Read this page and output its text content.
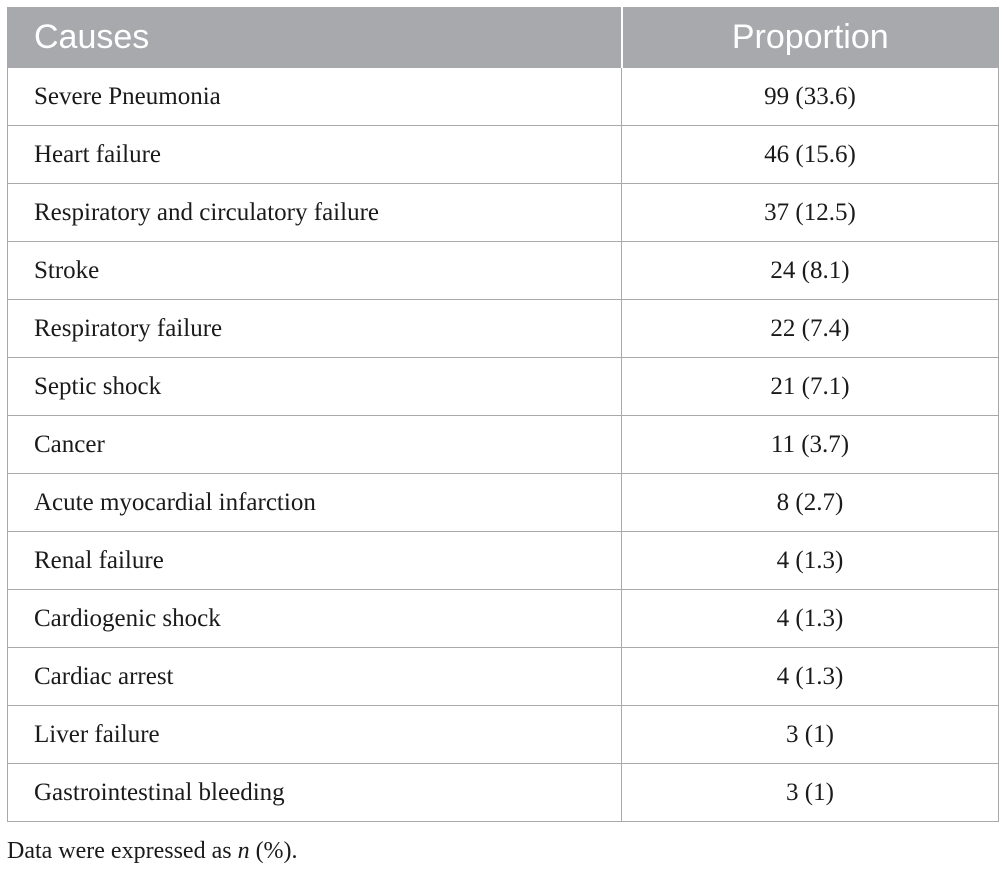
Causes	Proportion
Severe Pneumonia	99 (33.6)
Heart failure	46 (15.6)
Respiratory and circulatory failure	37 (12.5)
Stroke	24 (8.1)
Respiratory failure	22 (7.4)
Septic shock	21 (7.1)
Cancer	11 (3.7)
Acute myocardial infarction	8 (2.7)
Renal failure	4 (1.3)
Cardiogenic shock	4 (1.3)
Cardiac arrest	4 (1.3)
Liver failure	3 (1)
Gastrointestinal bleeding	3 (1)
Data were expressed as n (%).
